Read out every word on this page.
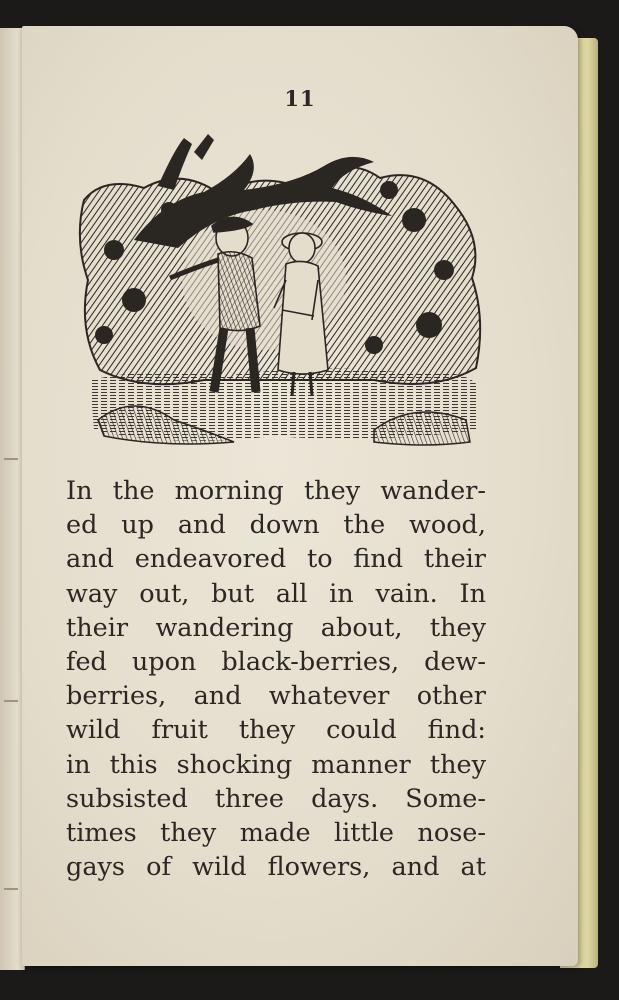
11
In the morning they wander-
ed up and down the wood,
and endeavored to find their
way out, but all in vain. In
their wandering about, they
fed upon black-berries, dew-
berries, and whatever other
wild fruit they could find:
in this shocking manner they
subsisted three days. Some-
times they made little nose-
gays of wild flowers, and at
